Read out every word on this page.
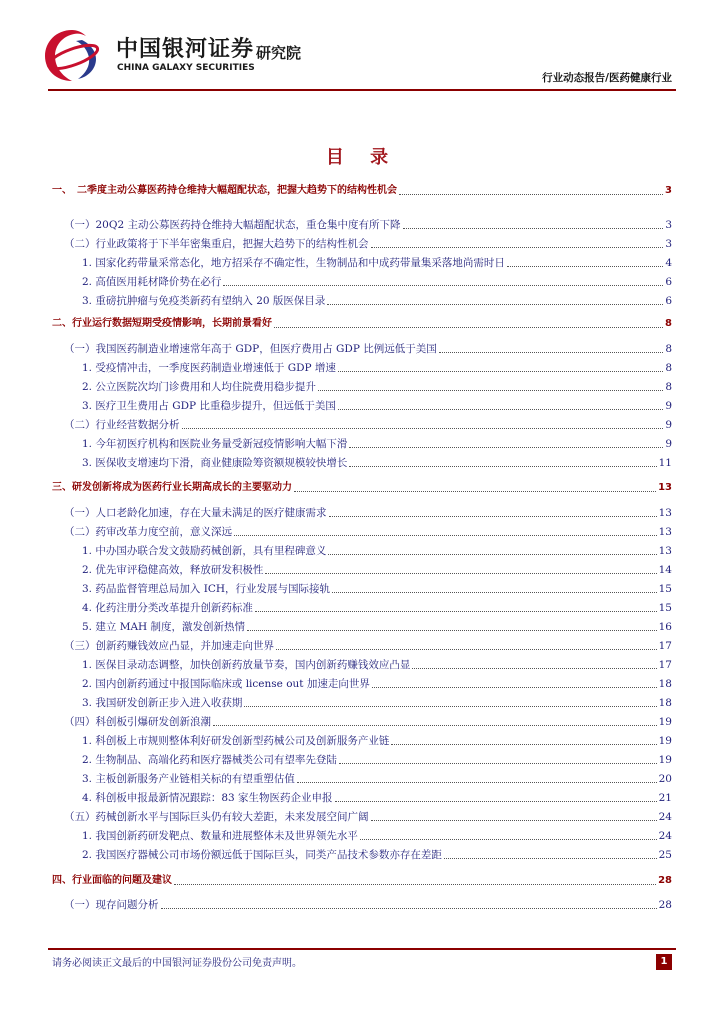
中国银河证券
CHINA GALAXY SECURITIES
研究院
行业动态报告/医药健康行业
目 录
一、　二季度主动公募医药持仓维持大幅超配状态，把握大趋势下的结构性机会	3
（一）20Q2 主动公募医药持仓维持大幅超配状态，重仓集中度有所下降	3
（二）行业政策将于下半年密集重启，把握大趋势下的结构性机会	3
1. 国家化药带量采常态化，地方招采存不确定性，生物制品和中成药带量集采落地尚需时日	4
2. 高值医用耗材降价势在必行	6
3. 重磅抗肿瘤与免疫类新药有望纳入 20 版医保目录	6
二、行业运行数据短期受疫情影响，长期前景看好	8
（一）我国医药制造业增速常年高于 GDP，但医疗费用占 GDP 比例远低于美国	8
1. 受疫情冲击，一季度医药制造业增速低于 GDP 增速	8
2. 公立医院次均门诊费用和人均住院费用稳步提升	8
3. 医疗卫生费用占 GDP 比重稳步提升，但远低于美国	9
（二）行业经营数据分析	9
1. 今年初医疗机构和医院业务量受新冠疫情影响大幅下滑	9
3. 医保收支增速均下滑，商业健康险筹资额规模较快增长	11
三、研发创新将成为医药行业长期高成长的主要驱动力	13
（一）人口老龄化加速，存在大量未满足的医疗健康需求	13
（二）药审改革力度空前，意义深远	13
1. 中办国办联合发文鼓励药械创新，具有里程碑意义	13
2. 优先审评稳健高效，释放研发积极性	14
3. 药品监督管理总局加入 ICH，行业发展与国际接轨	15
4. 化药注册分类改革提升创新药标准	15
5. 建立 MAH 制度，激发创新热情	16
（三）创新药赚钱效应凸显，并加速走向世界	17
1. 医保目录动态调整，加快创新药放量节奏，国内创新药赚钱效应凸显	17
2. 国内创新药通过中报国际临床或 license out 加速走向世界	18
3. 我国研发创新正步入进入收获期	18
（四）科创板引爆研发创新浪潮	19
1. 科创板上市规则整体利好研发创新型药械公司及创新服务产业链	19
2. 生物制品、高端化药和医疗器械类公司有望率先登陆	19
3. 主板创新服务产业链相关标的有望重塑估值	20
4. 科创板申报最新情况跟踪：83 家生物医药企业申报	21
（五）药械创新水平与国际巨头仍有较大差距，未来发展空间广阔	24
1. 我国创新药研发靶点、数量和进展整体未及世界领先水平	24
2. 我国医疗器械公司市场份额远低于国际巨头，同类产品技术参数亦存在差距	25
四、行业面临的问题及建议	28
（一）现存问题分析	28
请务必阅读正文最后的中国银河证券股份公司免责声明。	1
